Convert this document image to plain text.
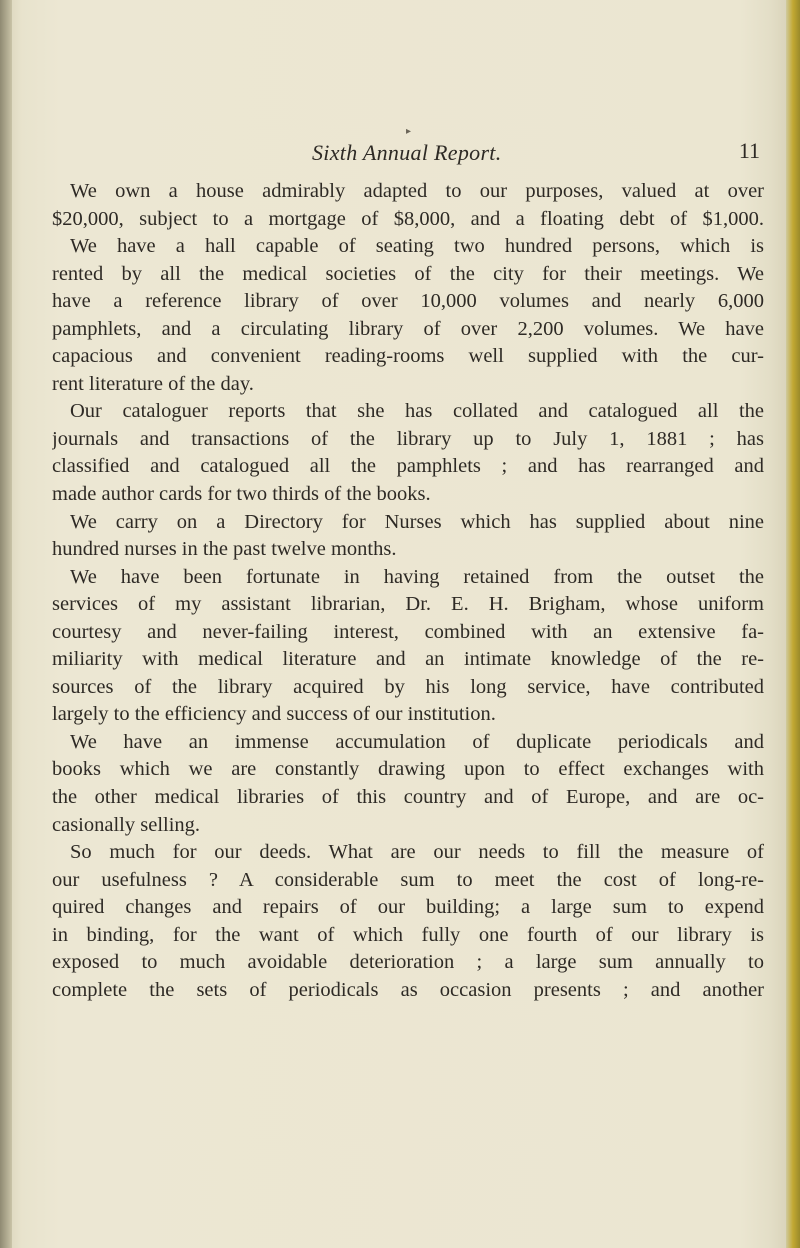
▸
Sixth Annual Report.	11
We own a house admirably adapted to our purposes, valued at over
$20,000, subject to a mortgage of $8,000, and a floating debt of $1,000.
We have a hall capable of seating two hundred persons, which is
rented by all the medical societies of the city for their meetings. We
have a reference library of over 10,000 volumes and nearly 6,000
pamphlets, and a circulating library of over 2,200 volumes. We have
capacious and convenient reading-rooms well supplied with the cur-
rent literature of the day.
Our cataloguer reports that she has collated and catalogued all the
journals and transactions of the library up to July 1, 1881 ; has
classified and catalogued all the pamphlets ; and has rearranged and
made author cards for two thirds of the books.
We carry on a Directory for Nurses which has supplied about nine
hundred nurses in the past twelve months.
We have been fortunate in having retained from the outset the
services of my assistant librarian, Dr. E. H. Brigham, whose uniform
courtesy and never-failing interest, combined with an extensive fa-
miliarity with medical literature and an intimate knowledge of the re-
sources of the library acquired by his long service, have contributed
largely to the efficiency and success of our institution.
We have an immense accumulation of duplicate periodicals and
books which we are constantly drawing upon to effect exchanges with
the other medical libraries of this country and of Europe, and are oc-
casionally selling.
So much for our deeds. What are our needs to fill the measure of
our usefulness ? A considerable sum to meet the cost of long-re-
quired changes and repairs of our building; a large sum to expend
in binding, for the want of which fully one fourth of our library is
exposed to much avoidable deterioration ; a large sum annually to
complete the sets of periodicals as occasion presents ; and another
